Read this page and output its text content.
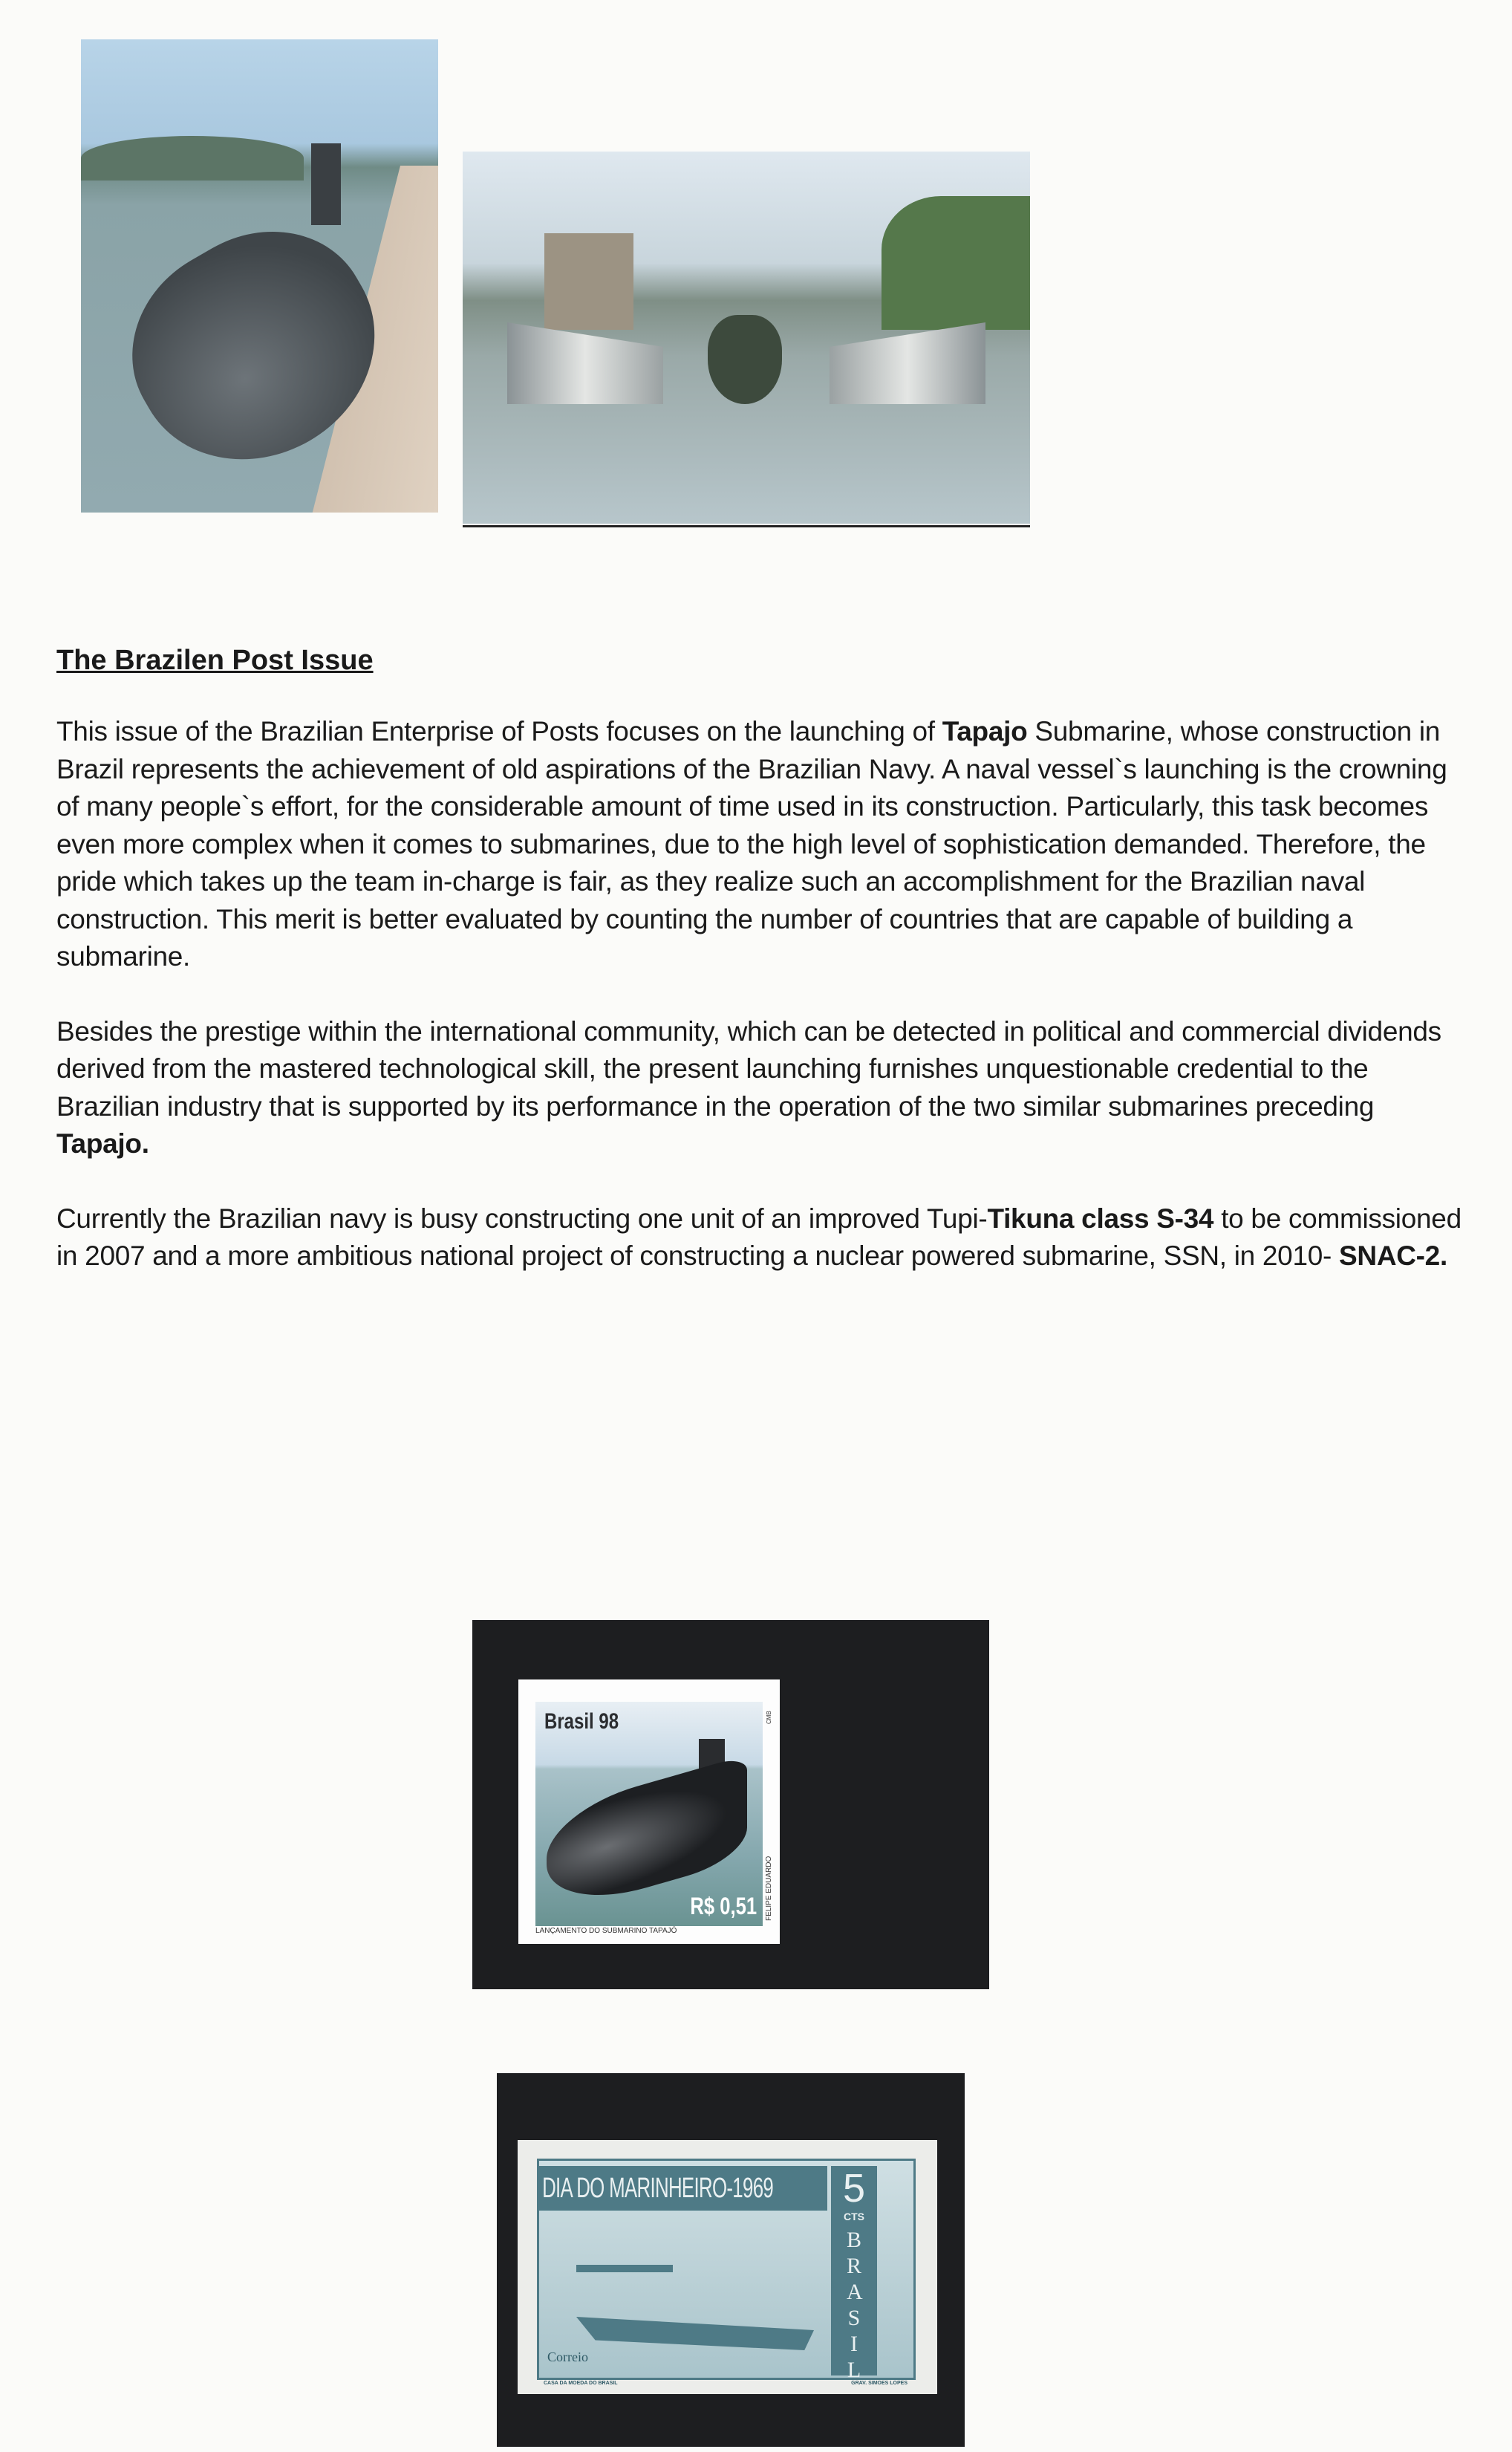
The Brazilen Post Issue
This issue of the Brazilian Enterprise of Posts focuses on the launching of Tapajo Submarine, whose construction in Brazil represents the achievement of old aspirations of the Brazilian Navy. A naval vessel`s launching is the crowning of many people`s effort, for the considerable amount of time used in its construction. Particularly, this task becomes even more complex when it comes to submarines, due to the high level of sophistication demanded. Therefore, the pride which takes up the team in-charge is fair, as they realize such an accomplishment for the Brazilian naval construction. This merit is better evaluated by counting the number of countries that are capable of building a submarine.
Besides the prestige within the international community, which can be detected in political and commercial dividends
derived from the mastered technological skill, the present launching furnishes unquestionable credential to the
Brazilian industry that is supported by its performance in the operation of the two similar submarines preceding Tapajo.
Currently the Brazilian navy is busy constructing one unit of an improved Tupi-Tikuna class S-34 to be commissioned in 2007 and a more ambitious national project of constructing a nuclear powered submarine, SSN, in 2010- SNAC-2.
Brasil 98
R$ 0,51
LANÇAMENTO DO SUBMARINO TAPAJÓ
FELIPE EDUARDO
CMB
DIA DO MARINHEIRO-1969	5
CTS
BRASIL
Correio
CASA DA MOEDA DO BRASIL	GRAV. SIMOES LOPES
